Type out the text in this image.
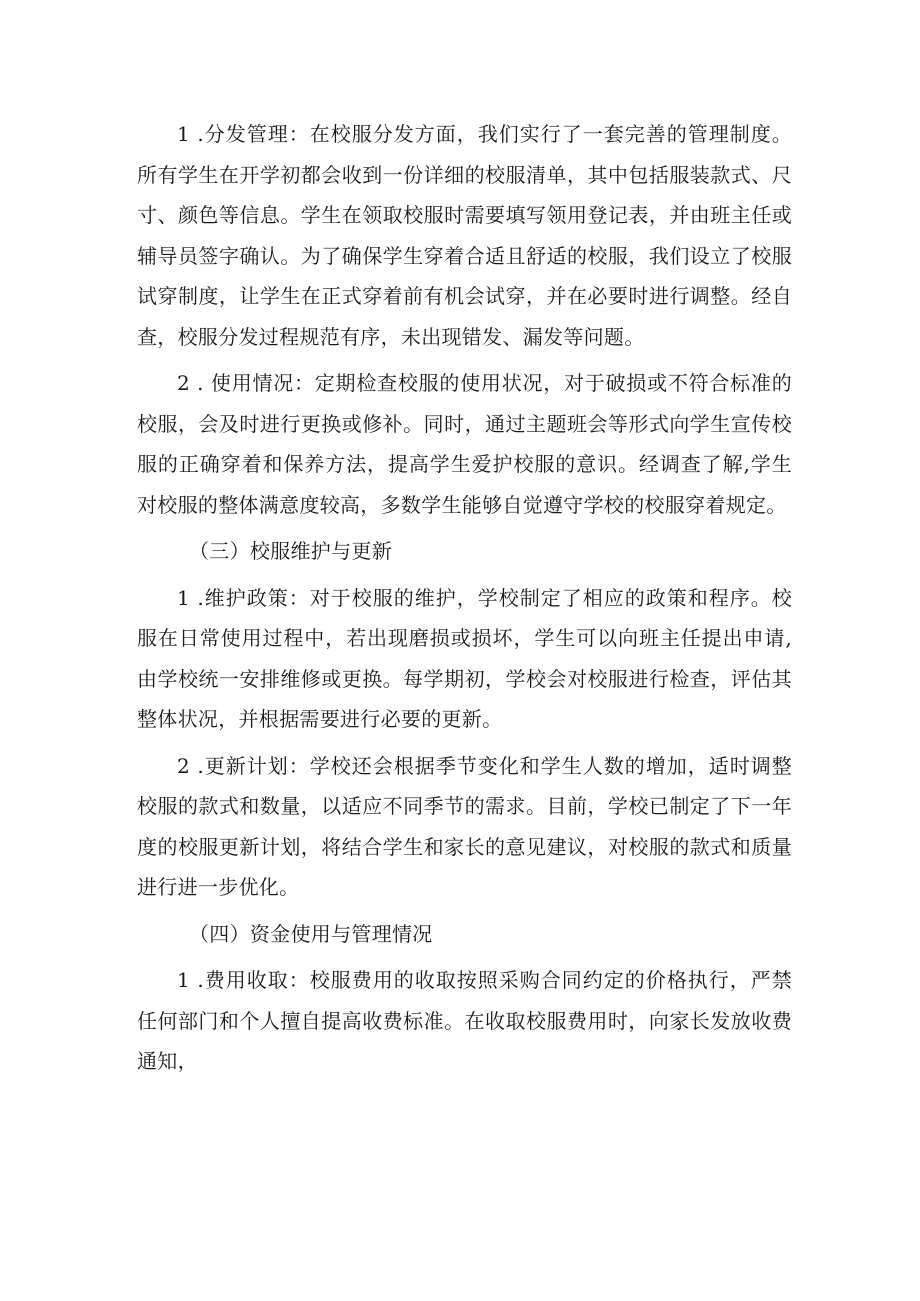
1 .分发管理：在校服分发方面，我们实行了一套完善的管理制度。所有学生在开学初都会收到一份详细的校服清单，其中包括服装款式、尺寸、颜色等信息。学生在领取校服时需要填写领用登记表，并由班主任或辅导员签字确认。为了确保学生穿着合适且舒适的校服，我们设立了校服试穿制度，让学生在正式穿着前有机会试穿，并在必要时进行调整。经自查，校服分发过程规范有序，未出现错发、漏发等问题。

2 . 使用情况：定期检查校服的使用状况，对于破损或不符合标准的校服，会及时进行更换或修补。同时，通过主题班会等形式向学生宣传校服的正确穿着和保养方法，提高学生爱护校服的意识。经调查了解,学生对校服的整体满意度较高，多数学生能够自觉遵守学校的校服穿着规定。

（三）校服维护与更新

1 .维护政策：对于校服的维护，学校制定了相应的政策和程序。校服在日常使用过程中，若出现磨损或损坏，学生可以向班主任提出申请, 由学校统一安排维修或更换。每学期初，学校会对校服进行检查，评估其整体状况，并根据需要进行必要的更新。

2 .更新计划：学校还会根据季节变化和学生人数的增加，适时调整校服的款式和数量，以适应不同季节的需求。目前，学校已制定了下一年度的校服更新计划，将结合学生和家长的意见建议，对校服的款式和质量进行进一步优化。

（四）资金使用与管理情况

1 .费用收取：校服费用的收取按照采购合同约定的价格执行，严禁任何部门和个人擅自提高收费标准。在收取校服费用时，向家长发放收费通知，
